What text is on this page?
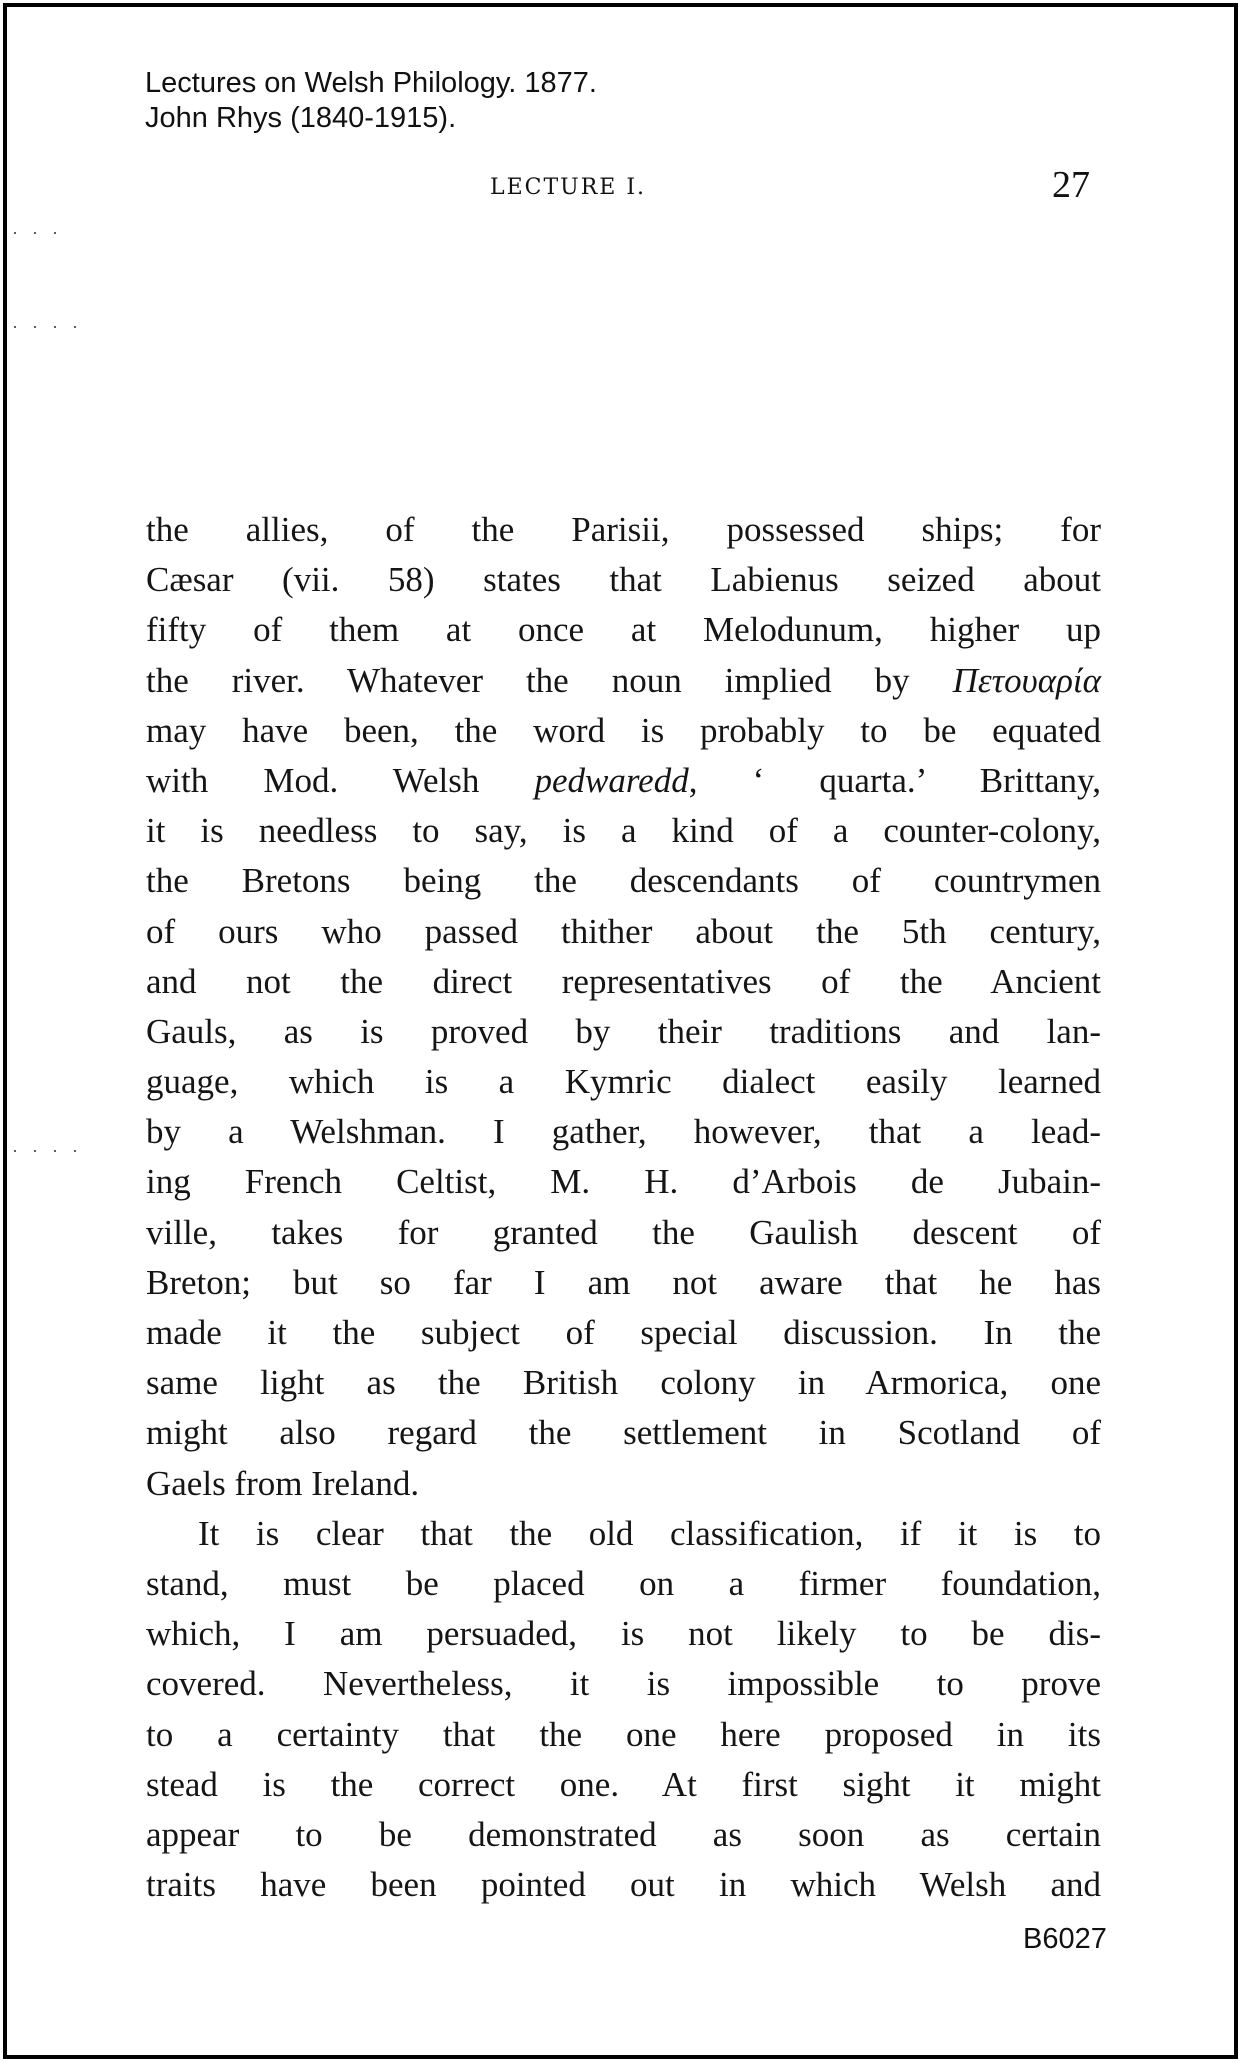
Lectures on Welsh Philology. 1877.
John Rhys (1840-1915).
LECTURE I.	27
···
····
····
the allies, of the Parisii, possessed ships; for
Cæsar (vii. 58) states that Labienus seized about
fifty of them at once at Melodunum, higher up
the river. Whatever the noun implied by Πετουαρία
may have been, the word is probably to be equated
with Mod. Welsh pedwaredd, ‘ quarta.’ Brittany,
it is needless to say, is a kind of a counter-colony,
the Bretons being the descendants of countrymen
of ours who passed thither about the 5th century,
and not the direct representatives of the Ancient
Gauls, as is proved by their traditions and lan-
guage, which is a Kymric dialect easily learned
by a Welshman. I gather, however, that a lead-
ing French Celtist, M. H. d’Arbois de Jubain-
ville, takes for granted the Gaulish descent of
Breton; but so far I am not aware that he has
made it the subject of special discussion. In the
same light as the British colony in Armorica, one
might also regard the settlement in Scotland of
Gaels from Ireland.
It is clear that the old classification, if it is to
stand, must be placed on a firmer foundation,
which, I am persuaded, is not likely to be dis-
covered. Nevertheless, it is impossible to prove
to a certainty that the one here proposed in its
stead is the correct one. At first sight it might
appear to be demonstrated as soon as certain
traits have been pointed out in which Welsh and
B6027
